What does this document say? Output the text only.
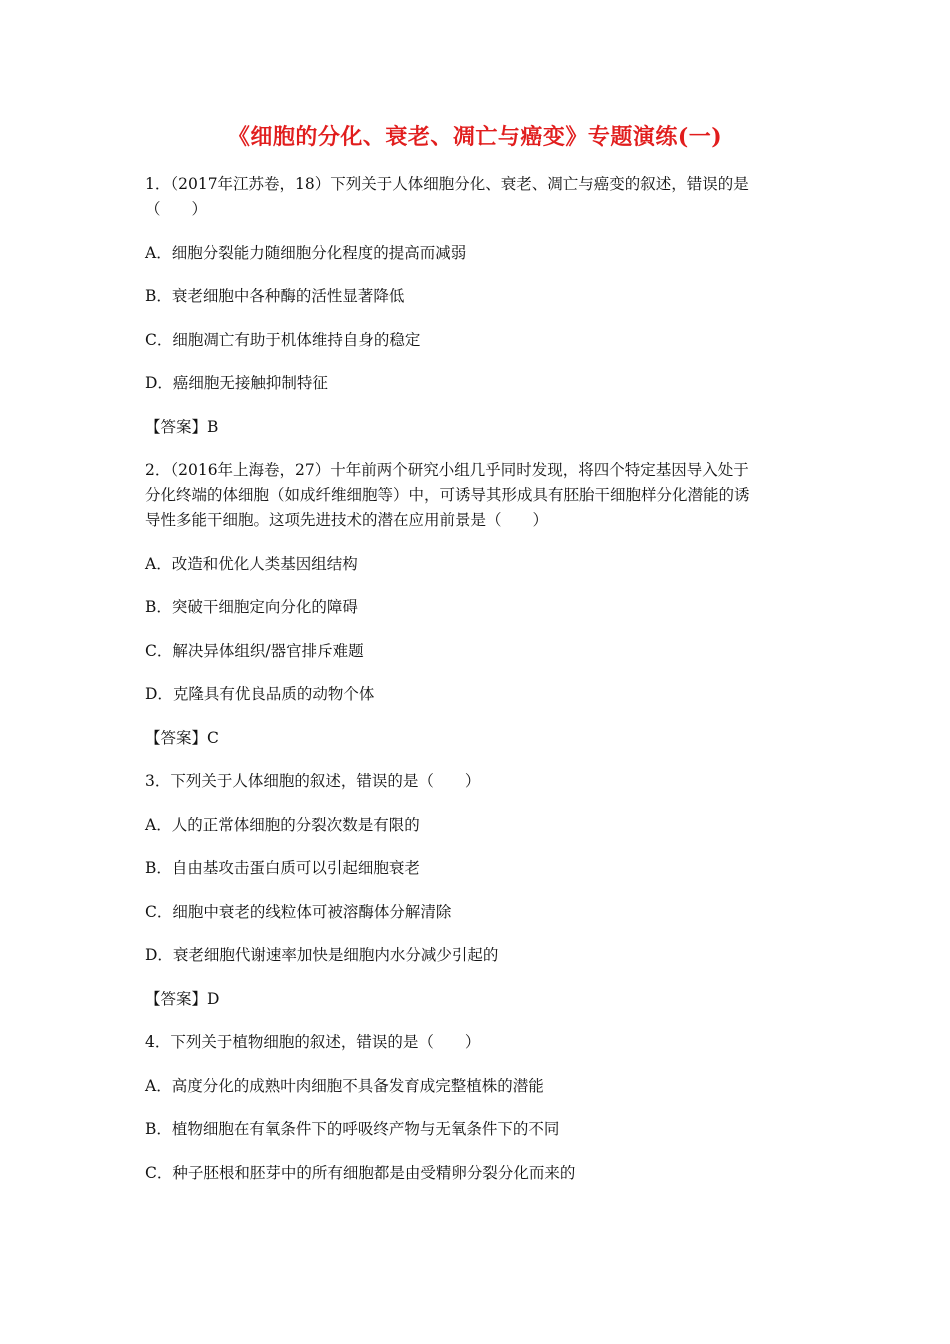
《细胞的分化、衰老、凋亡与癌变》专题演练(一)
1．（2017年江苏卷，18）下列关于人体细胞分化、衰老、凋亡与癌变的叙述，错误的是
（　　）
A．细胞分裂能力随细胞分化程度的提高而减弱
B．衰老细胞中各种酶的活性显著降低
C．细胞凋亡有助于机体维持自身的稳定
D．癌细胞无接触抑制特征
【答案】B
2．（2016年上海卷，27）十年前两个研究小组几乎同时发现，将四个特定基因导入处于
分化终端的体细胞（如成纤维细胞等）中，可诱导其形成具有胚胎干细胞样分化潜能的诱
导性多能干细胞。这项先进技术的潜在应用前景是（　　）
A．改造和优化人类基因组结构
B．突破干细胞定向分化的障碍
C．解决异体组织/器官排斥难题
D．克隆具有优良品质的动物个体
【答案】C
3．下列关于人体细胞的叙述，错误的是（　　）
A．人的正常体细胞的分裂次数是有限的
B．自由基攻击蛋白质可以引起细胞衰老
C．细胞中衰老的线粒体可被溶酶体分解清除
D．衰老细胞代谢速率加快是细胞内水分减少引起的
【答案】D
4．下列关于植物细胞的叙述，错误的是（　　）
A．高度分化的成熟叶肉细胞不具备发育成完整植株的潜能
B．植物细胞在有氧条件下的呼吸终产物与无氧条件下的不同
C．种子胚根和胚芽中的所有细胞都是由受精卵分裂分化而来的
